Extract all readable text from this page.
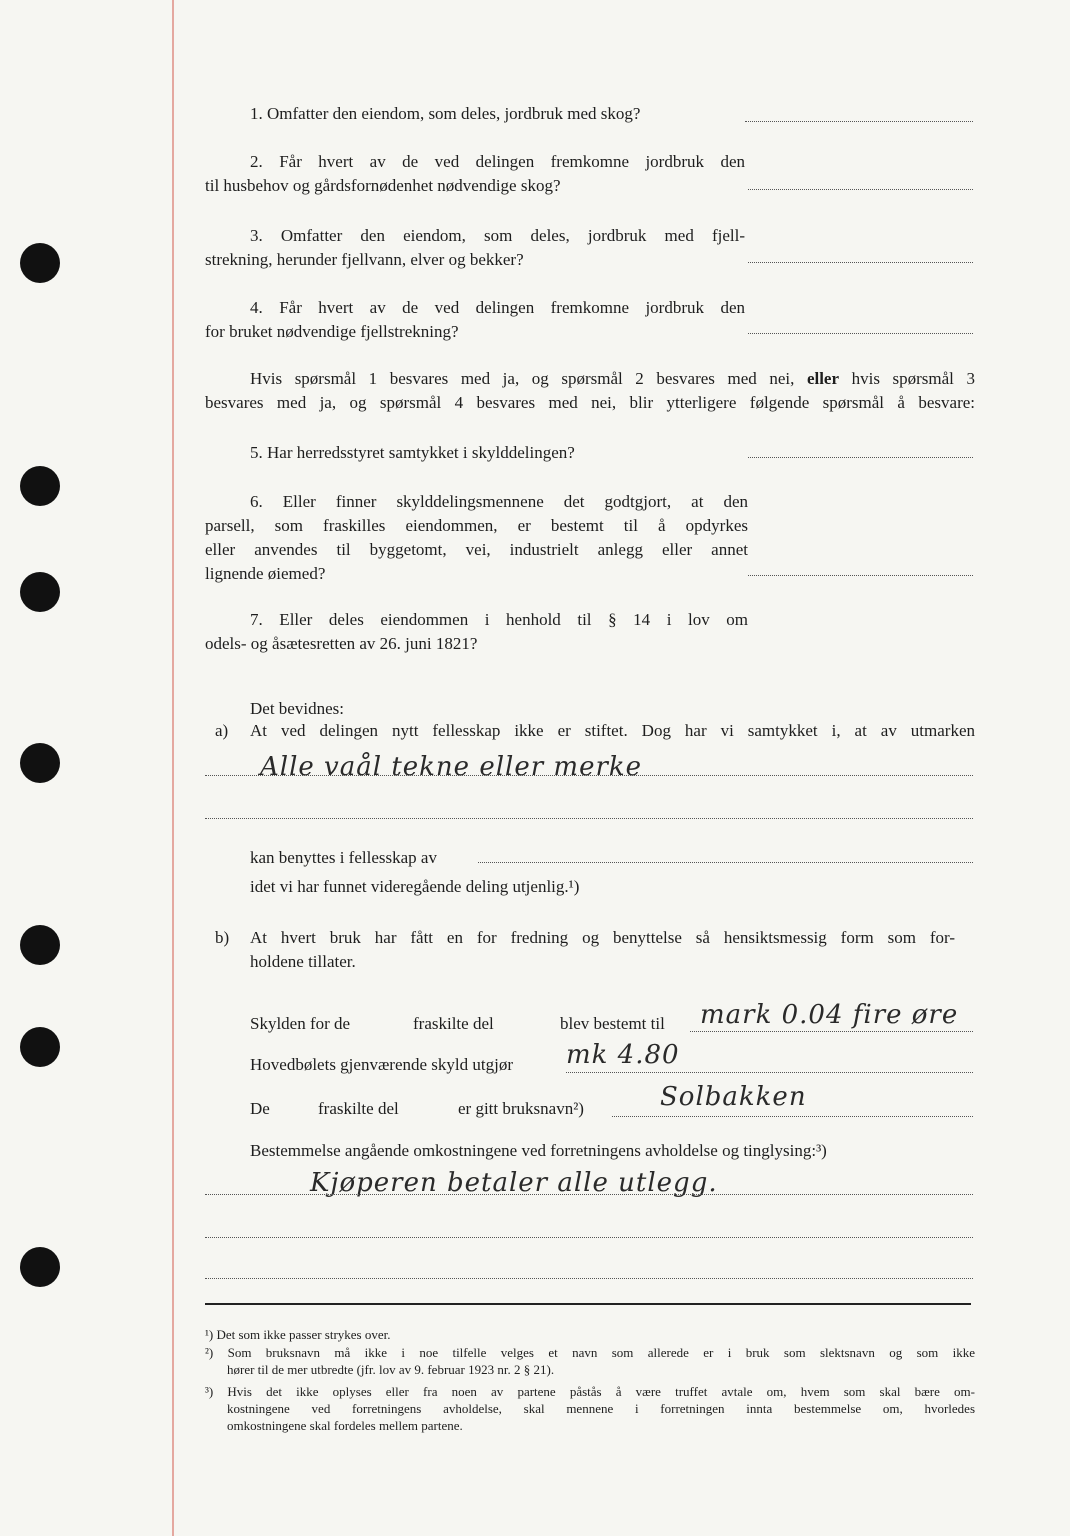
1. Omfatter den eiendom, som deles, jordbruk med skog?
2. Får hvert av de ved delingen fremkomne jordbruk den
til husbehov og gårdsfornødenhet nødvendige skog?
3. Omfatter den eiendom, som deles, jordbruk med fjell-
strekning, herunder fjellvann, elver og bekker?
4. Får hvert av de ved delingen fremkomne jordbruk den
for bruket nødvendige fjellstrekning?
Hvis spørsmål 1 besvares med ja, og spørsmål 2 besvares med nei, eller hvis spørsmål 3
besvares med ja, og spørsmål 4 besvares med nei, blir ytterligere følgende spørsmål å besvare:
5. Har herredsstyret samtykket i skylddelingen?
6. Eller finner skylddelingsmennene det godtgjort, at den
parsell, som fraskilles eiendommen, er bestemt til å opdyrkes
eller anvendes til byggetomt, vei, industrielt anlegg eller annet
lignende øiemed?
7. Eller deles eiendommen i henhold til § 14 i lov om
odels- og åsætesretten av 26. juni 1821?
Det bevidnes:
a) At ved delingen nytt fellesskap ikke er stiftet. Dog har vi samtykket i, at av utmarken
Alle vaål tekne eller merke
kan benyttes i fellesskap av
idet vi har funnet videregående deling utjenlig.¹)
b) At hvert bruk har fått en for fredning og benyttelse så hensiktsmessig form som for-
holdene tillater.
Skylden for de	fraskilte del	blev bestemt til mark 0.04 fire øre
Hovedbølets gjenværende skyld utgjør mk 4.80
De	fraskilte del	er gitt bruksnavn²)	Solbakken
Bestemmelse angående omkostningene ved forretningens avholdelse og tinglysing:³)
Kjøperen betaler alle utlegg.
¹) Det som ikke passer strykes over.
²) Som bruksnavn må ikke i noe tilfelle velges et navn som allerede er i bruk som slektsnavn og som ikke
hører til de mer utbredte (jfr. lov av 9. februar 1923 nr. 2 § 21).
³) Hvis det ikke oplyses eller fra noen av partene påstås å være truffet avtale om, hvem som skal bære om-
kostningene ved forretningens avholdelse, skal mennene i forretningen innta bestemmelse om, hvorledes
omkostningene skal fordeles mellem partene.
